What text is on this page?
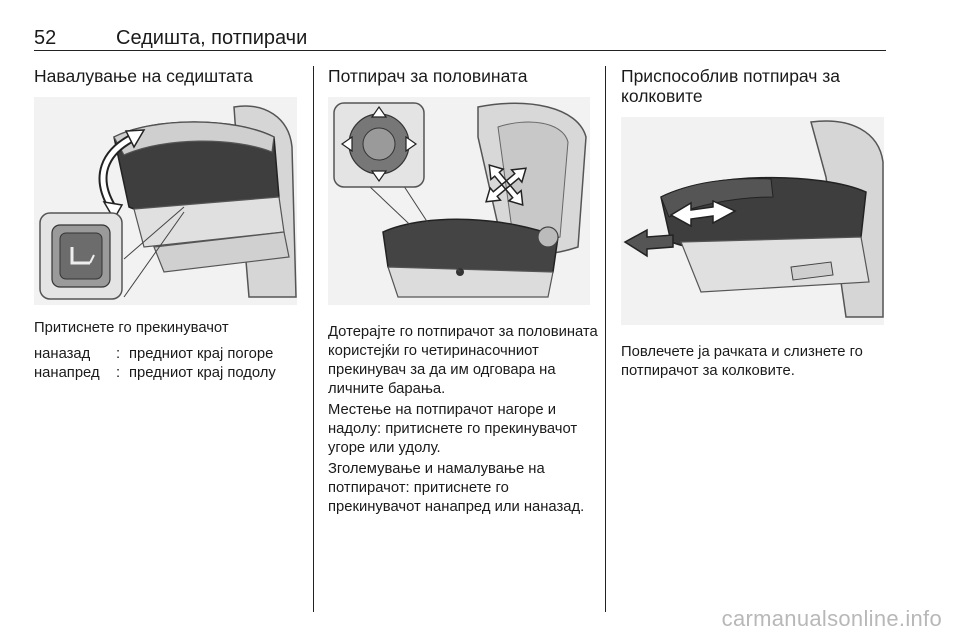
52	Седишта, потпирачи
Навалување на седиштата
Притиснете го прекинувачот
наназад : предниот крај погоре
нанапред : предниот крај подолу
Потпирач за половината
Дотерајте го потпирачот за половината користејќи го четиринасочниот прекинувач за да им одговара на личните барања.
Местење на потпирачот нагоре и надолу: притиснете го прекинувачот угоре или удолу.
Зголемување и намалување на потпирачот: притиснете го прекинувачот нанапред или наназад.
Приспособлив потпирач за колковите
Повлечете ја рачката и слизнете го потпирачот за колковите.
carmanualsonline.info
